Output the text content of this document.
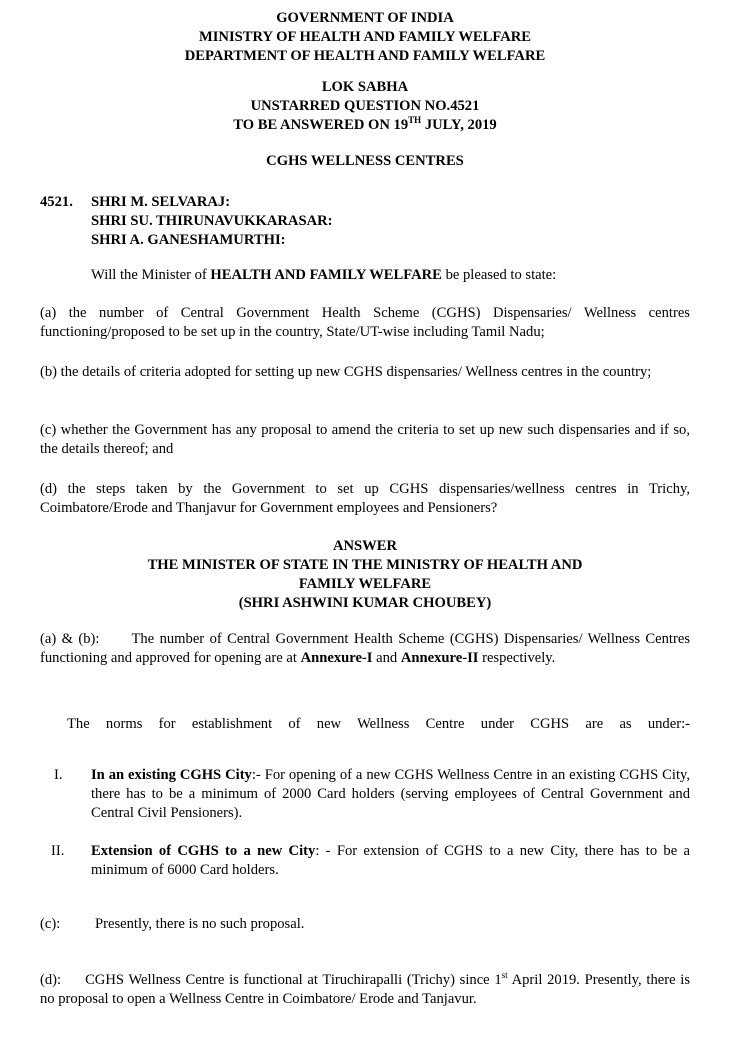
GOVERNMENT OF INDIA
MINISTRY OF HEALTH AND FAMILY WELFARE
DEPARTMENT OF HEALTH AND FAMILY WELFARE
LOK SABHA
UNSTARRED QUESTION NO.4521
TO BE ANSWERED ON 19TH JULY, 2019
CGHS WELLNESS CENTRES
4521. SHRI M. SELVARAJ:
SHRI SU. THIRUNAVUKKARASAR:
SHRI A. GANESHAMURTHI:
Will the Minister of HEALTH AND FAMILY WELFARE be pleased to state:
(a) the number of Central Government Health Scheme (CGHS) Dispensaries/ Wellness centres functioning/proposed to be set up in the country, State/UT-wise including Tamil Nadu;
(b) the details of criteria adopted for setting up new CGHS dispensaries/ Wellness centres in the country;
(c) whether the Government has any proposal to amend the criteria to set up new such dispensaries and if so, the details thereof; and
(d) the steps taken by the Government to set up CGHS dispensaries/wellness centres in Trichy, Coimbatore/Erode and Thanjavur for Government employees and Pensioners?
ANSWER
THE MINISTER OF STATE IN THE MINISTRY OF HEALTH AND
FAMILY WELFARE
(SHRI ASHWINI KUMAR CHOUBEY)
(a) & (b): The number of Central Government Health Scheme (CGHS) Dispensaries/ Wellness Centres functioning and approved for opening are at Annexure-I and Annexure-II respectively.
The norms for establishment of new Wellness Centre under CGHS are as under:-
I. In an existing CGHS City:- For opening of a new CGHS Wellness Centre in an existing CGHS City, there has to be a minimum of 2000 Card holders (serving employees of Central Government and Central Civil Pensioners).
II. Extension of CGHS to a new City: - For extension of CGHS to a new City, there has to be a minimum of 6000 Card holders.
(c): Presently, there is no such proposal.
(d): CGHS Wellness Centre is functional at Tiruchirapalli (Trichy) since 1st April 2019. Presently, there is no proposal to open a Wellness Centre in Coimbatore/ Erode and Tanjavur.
